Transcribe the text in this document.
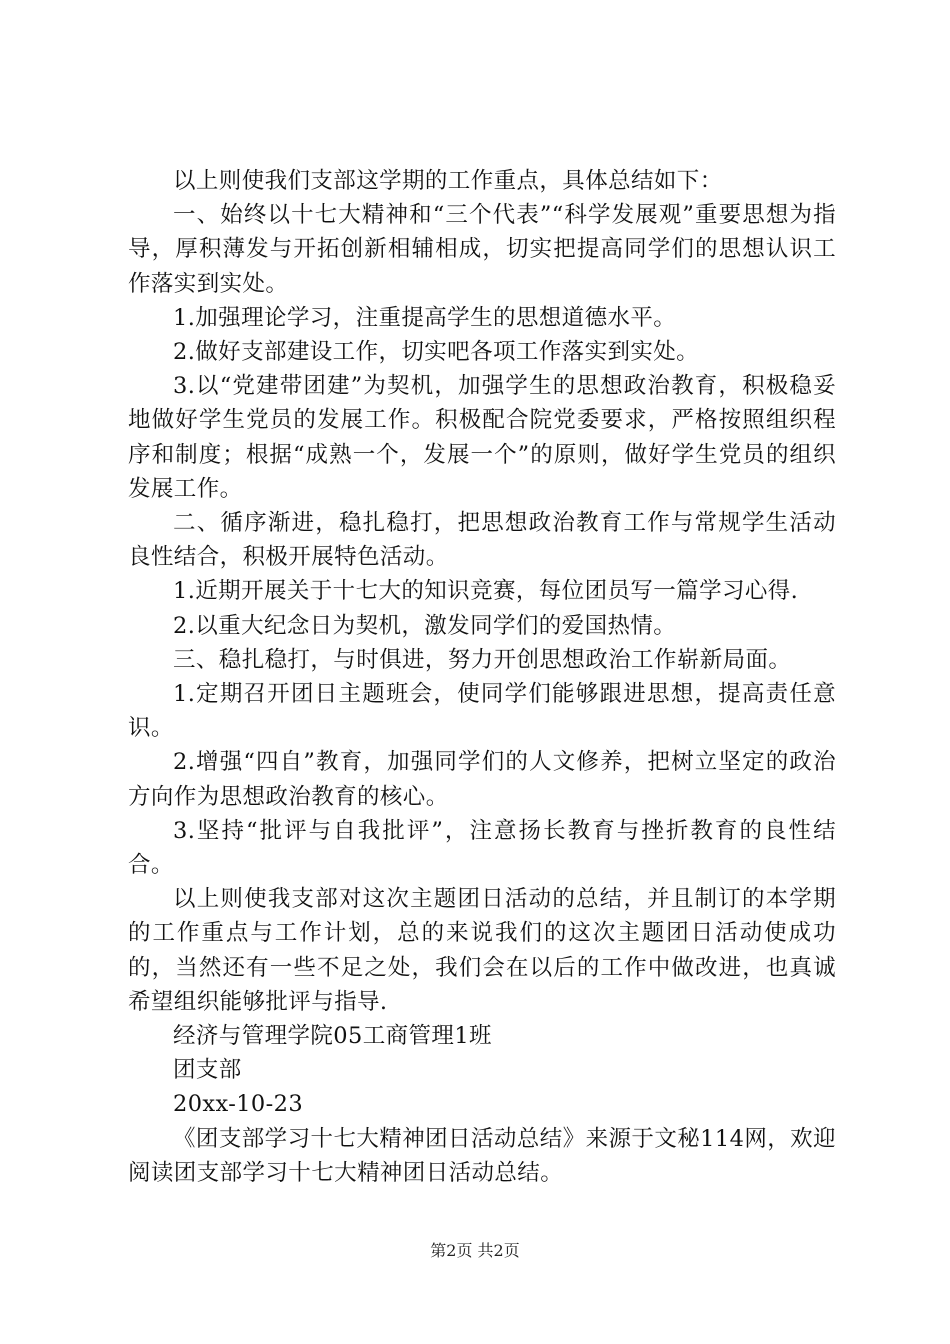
以上则使我们支部这学期的工作重点，具体总结如下：

一、始终以十七大精神和“三个代表”“科学发展观”重要思想为指导，厚积薄发与开拓创新相辅相成，切实把提高同学们的思想认识工作落实到实处。

1.加强理论学习，注重提高学生的思想道德水平。

2.做好支部建设工作，切实吧各项工作落实到实处。

3.以“党建带团建”为契机，加强学生的思想政治教育，积极稳妥地做好学生党员的发展工作。积极配合院党委要求，严格按照组织程序和制度；根据“成熟一个，发展一个”的原则，做好学生党员的组织发展工作。

二、循序渐进，稳扎稳打，把思想政治教育工作与常规学生活动良性结合，积极开展特色活动。

1.近期开展关于十七大的知识竞赛，每位团员写一篇学习心得.

2.以重大纪念日为契机，激发同学们的爱国热情。

三、稳扎稳打，与时俱进，努力开创思想政治工作崭新局面。

1.定期召开团日主题班会，使同学们能够跟进思想，提高责任意识。

2.增强“四自”教育，加强同学们的人文修养，把树立坚定的政治方向作为思想政治教育的核心。

3.坚持“批评与自我批评”，注意扬长教育与挫折教育的良性结合。

以上则使我支部对这次主题团日活动的总结，并且制订的本学期的工作重点与工作计划，总的来说我们的这次主题团日活动使成功的，当然还有一些不足之处，我们会在以后的工作中做改进，也真诚希望组织能够批评与指导.

经济与管理学院05工商管理1班

团支部

20xx-10-23

《团支部学习十七大精神团日活动总结》来源于文秘114网，欢迎阅读团支部学习十七大精神团日活动总结。

第2页 共2页
